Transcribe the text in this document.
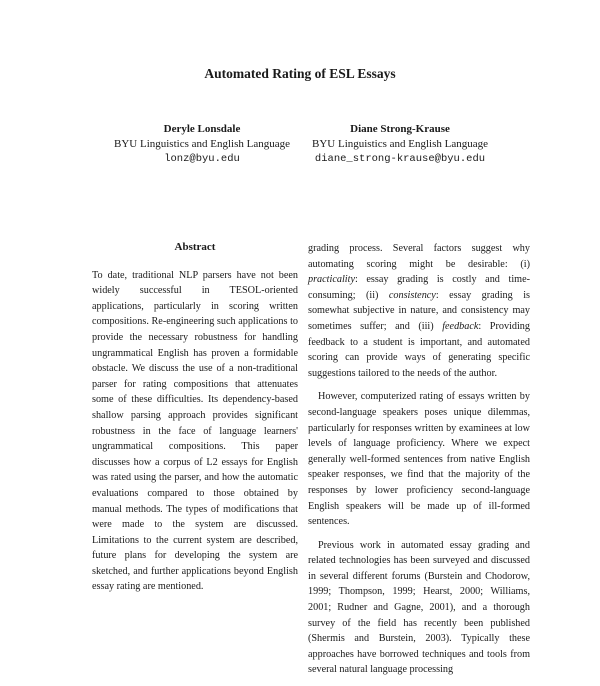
Automated Rating of ESL Essays
Deryle Lonsdale
BYU Linguistics and English Language
lonz@byu.edu
Diane Strong-Krause
BYU Linguistics and English Language
diane_strong-krause@byu.edu
Abstract

To date, traditional NLP parsers have not been widely successful in TESOL-oriented applications, particularly in scoring written compositions. Re-engineering such applications to provide the necessary robustness for handling ungrammatical English has proven a formidable obstacle. We discuss the use of a non-traditional parser for rating compositions that attenuates some of these difficulties. Its dependency-based shallow parsing approach provides significant robustness in the face of language learners' ungrammatical compositions. This paper discusses how a corpus of L2 essays for English was rated using the parser, and how the automatic evaluations compared to those obtained by manual methods. The types of modifications that were made to the system are discussed. Limitations to the current system are described, future plans for developing the system are sketched, and further applications beyond English essay rating are mentioned.

grading process. Several factors suggest why automating scoring might be desirable: (i) practicality: essay grading is costly and time-consuming; (ii) consistency: essay grading is somewhat subjective in nature, and consistency may sometimes suffer; and (iii) feedback: Providing feedback to a student is important, and automated scoring can provide ways of generating specific suggestions tailored to the needs of the author.

However, computerized rating of essays written by second-language speakers poses unique dilemmas, particularly for responses written by examinees at low levels of language proficiency. Where we expect generally well-formed sentences from native English speaker responses, we find that the majority of the responses by lower proficiency second-language English speakers will be made up of ill-formed sentences.

Previous work in automated essay grading and related technologies has been surveyed and discussed in several different forums (Burstein and Chodorow, 1999; Thompson, 1999; Hearst, 2000; Williams, 2001; Rudner and Gagne, 2001), and a thorough survey of the field has recently been published (Shermis and Burstein, 2003). Typically these approaches have borrowed techniques and tools from several natural language processing
